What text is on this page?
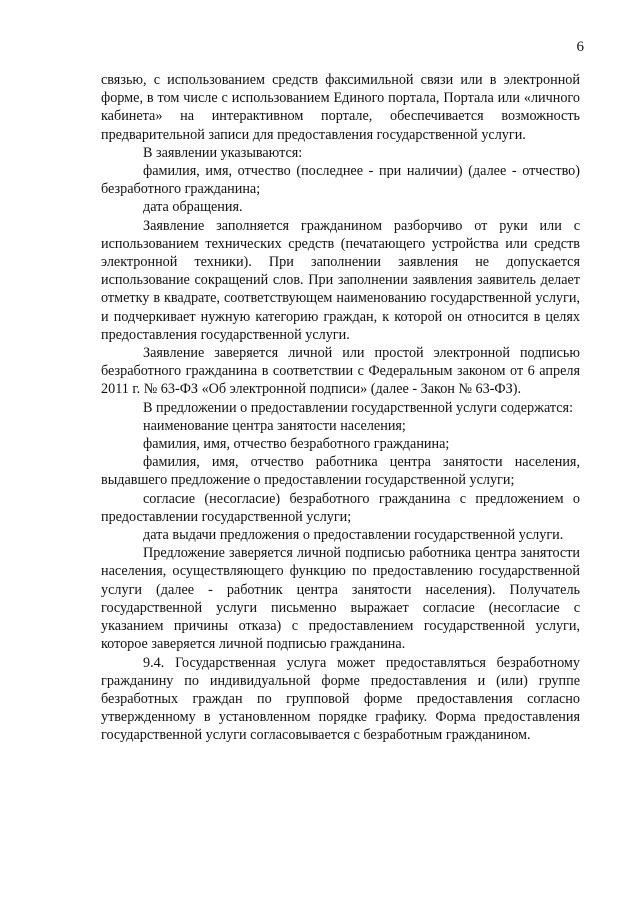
6

связью, с использованием средств факсимильной связи или в электронной форме, в том числе с использованием Единого портала, Портала или «личного кабинета» на интерактивном портале, обеспечивается возможность предварительной записи для предоставления государственной услуги.

В заявлении указываются:

фамилия, имя, отчество (последнее - при наличии) (далее - отчество) безработного гражданина;

дата обращения.

Заявление заполняется гражданином разборчиво от руки или с использованием технических средств (печатающего устройства или средств электронной техники). При заполнении заявления не допускается использование сокращений слов. При заполнении заявления заявитель делает отметку в квадрате, соответствующем наименованию государственной услуги, и подчеркивает нужную категорию граждан, к которой он относится в целях предоставления государственной услуги.

Заявление заверяется личной или простой электронной подписью безработного гражданина в соответствии с Федеральным законом от 6 апреля 2011 г. № 63-ФЗ «Об электронной подписи» (далее - Закон № 63-ФЗ).

В предложении о предоставлении государственной услуги содержатся:

наименование центра занятости населения;

фамилия, имя, отчество безработного гражданина;

фамилия, имя, отчество работника центра занятости населения, выдавшего предложение о предоставлении государственной услуги;

согласие (несогласие) безработного гражданина с предложением о предоставлении государственной услуги;

дата выдачи предложения о предоставлении государственной услуги.

Предложение заверяется личной подписью работника центра занятости населения, осуществляющего функцию по предоставлению государственной услуги (далее - работник центра занятости населения). Получатель государственной услуги письменно выражает согласие (несогласие с указанием причины отказа) с предоставлением государственной услуги, которое заверяется личной подписью гражданина.

9.4. Государственная услуга может предоставляться безработному гражданину по индивидуальной форме предоставления и (или) группе безработных граждан по групповой форме предоставления согласно утвержденному в установленном порядке графику. Форма предоставления государственной услуги согласовывается с безработным гражданином.
